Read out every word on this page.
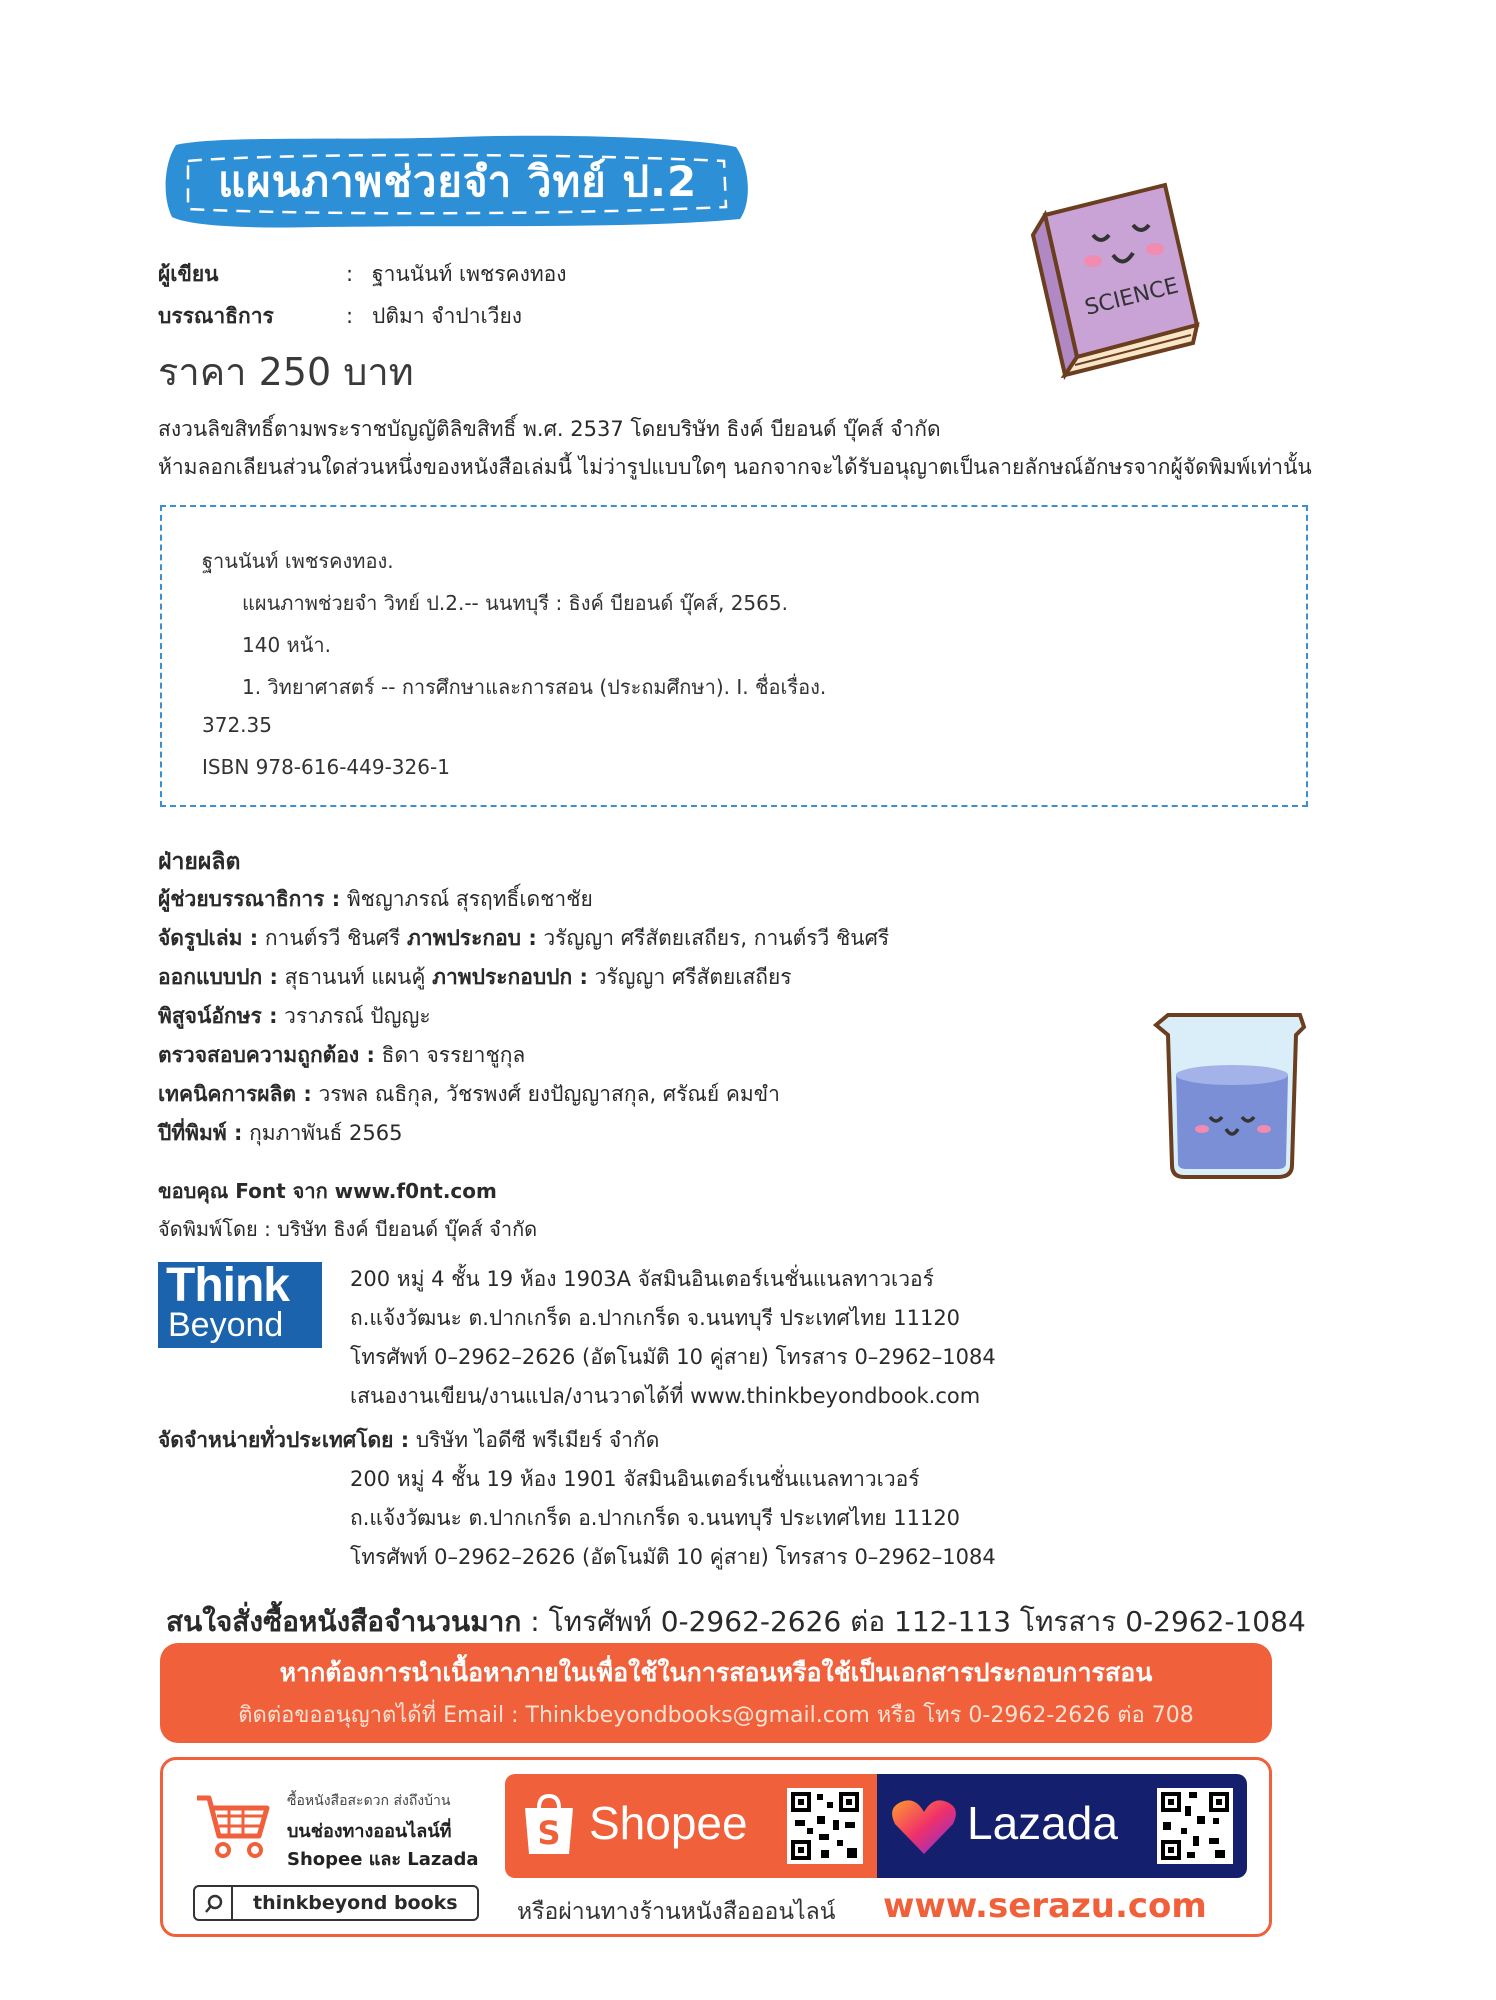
แผนภาพช่วยจำ วิทย์ ป.2
SCIENCE
ผู้เขียน	: ฐานนันท์ เพชรคงทอง
บรรณาธิการ	: ปติมา จำปาเวียง
ราคา 250 บาท
สงวนลิขสิทธิ์ตามพระราชบัญญัติลิขสิทธิ์ พ.ศ. 2537 โดยบริษัท ธิงค์ บียอนด์ บุ๊คส์ จำกัด
ห้ามลอกเลียนส่วนใดส่วนหนึ่งของหนังสือเล่มนี้ ไม่ว่ารูปแบบใดๆ นอกจากจะได้รับอนุญาตเป็นลายลักษณ์อักษรจากผู้จัดพิมพ์เท่านั้น
ฐานนันท์ เพชรคงทอง.
แผนภาพช่วยจำ วิทย์ ป.2.-- นนทบุรี : ธิงค์ บียอนด์ บุ๊คส์, 2565.
140 หน้า.
1. วิทยาศาสตร์ -- การศึกษาและการสอน (ประถมศึกษา). I. ชื่อเรื่อง.
372.35
ISBN 978-616-449-326-1
ฝ่ายผลิต
ผู้ช่วยบรรณาธิการ : พิชญาภรณ์ สุรฤทธิ์เดชาชัย
จัดรูปเล่ม : กานต์รวี ชินศรี ภาพประกอบ : วรัญญา ศรีสัตยเสถียร, กานต์รวี ชินศรี
ออกแบบปก : สุธานนท์ แผนคู้ ภาพประกอบปก : วรัญญา ศรีสัตยเสถียร
พิสูจน์อักษร : วราภรณ์ ปัญญะ
ตรวจสอบความถูกต้อง : ธิดา จรรยาชูกุล
เทคนิคการผลิต : วรพล ณธิกุล, วัชรพงศ์ ยงปัญญาสกุล, ศรัณย์ คมขำ
ปีที่พิมพ์ : กุมภาพันธ์ 2565
ขอบคุณ Font จาก www.f0nt.com
จัดพิมพ์โดย : บริษัท ธิงค์ บียอนด์ บุ๊คส์ จำกัด
Think
Beyond
200 หมู่ 4 ชั้น 19 ห้อง 1903A จัสมินอินเตอร์เนชั่นแนลทาวเวอร์
ถ.แจ้งวัฒนะ ต.ปากเกร็ด อ.ปากเกร็ด จ.นนทบุรี ประเทศไทย 11120
โทรศัพท์ 0–2962–2626 (อัตโนมัติ 10 คู่สาย) โทรสาร 0–2962–1084
เสนองานเขียน/งานแปล/งานวาดได้ที่ www.thinkbeyondbook.com
จัดจำหน่ายทั่วประเทศโดย : บริษัท ไอดีซี พรีเมียร์ จำกัด
200 หมู่ 4 ชั้น 19 ห้อง 1901 จัสมินอินเตอร์เนชั่นแนลทาวเวอร์
ถ.แจ้งวัฒนะ ต.ปากเกร็ด อ.ปากเกร็ด จ.นนทบุรี ประเทศไทย 11120
โทรศัพท์ 0–2962–2626 (อัตโนมัติ 10 คู่สาย) โทรสาร 0–2962–1084
สนใจสั่งซื้อหนังสือจำนวนมาก : โทรศัพท์ 0-2962-2626 ต่อ 112-113 โทรสาร 0-2962-1084
หากต้องการนำเนื้อหาภายในเพื่อใช้ในการสอนหรือใช้เป็นเอกสารประกอบการสอน
ติดต่อขออนุญาตได้ที่ Email : Thinkbeyondbooks@gmail.com หรือ โทร 0-2962-2626 ต่อ 708
ซื้อหนังสือสะดวก ส่งถึงบ้าน
บนช่องทางออนไลน์ที่
Shopee และ Lazada
thinkbeyond books
S Shopee	Lazada
หรือผ่านทางร้านหนังสือออนไลน์ www.serazu.com
